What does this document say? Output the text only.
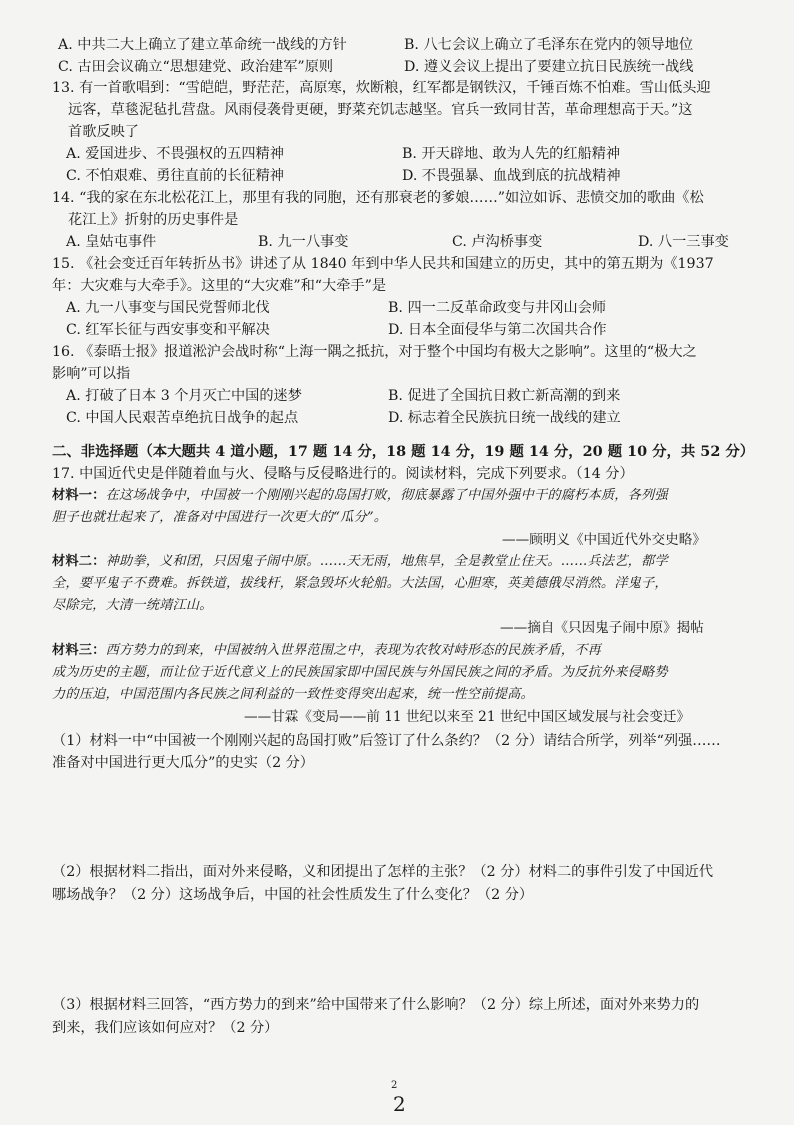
A. 中共二大上确立了建立革命统一战线的方针	B. 八七会议上确立了毛泽东在党内的领导地位
C. 古田会议确立“思想建党、政治建军”原则	D. 遵义会议上提出了要建立抗日民族统一战线
13. 有一首歌唱到：“雪皑皑，野茫茫，高原寒，炊断粮，红军都是钢铁汉，千锤百炼不怕难。雪山低头迎
远客，草毯泥毡扎营盘。风雨侵袭骨更硬，野菜充饥志越坚。官兵一致同甘苦，革命理想高于天。”这
首歌反映了
A. 爱国进步、不畏强权的五四精神	B. 开天辟地、敢为人先的红船精神
C. 不怕艰难、勇往直前的长征精神	D. 不畏强暴、血战到底的抗战精神
14. “我的家在东北松花江上，那里有我的同胞，还有那衰老的爹娘……”如泣如诉、悲愤交加的歌曲《松
花江上》折射的历史事件是
A. 皇姑屯事件	B. 九一八事变	C. 卢沟桥事变	D. 八一三事变
15. 《社会变迁百年转折丛书》讲述了从 1840 年到中华人民共和国建立的历史，其中的第五期为《1937
年：大灾难与大牵手》。这里的“大灾难”和“大牵手”是
A. 九一八事变与国民党誓师北伐	B. 四一二反革命政变与井冈山会师
C. 红军长征与西安事变和平解决	D. 日本全面侵华与第二次国共合作
16. 《泰晤士报》报道淞沪会战时称“上海一隅之抵抗，对于整个中国均有极大之影响”。这里的“极大之
影响”可以指
A. 打破了日本 3 个月灭亡中国的迷梦	B. 促进了全国抗日救亡新高潮的到来
C. 中国人民艰苦卓绝抗日战争的起点	D. 标志着全民族抗日统一战线的建立
二、非选择题（本大题共 4 道小题，17 题 14 分，18 题 14 分，19 题 14 分，20 题 10 分，共 52 分）
17. 中国近代史是伴随着血与火、侵略与反侵略进行的。阅读材料，完成下列要求。（14 分）
材料一：在这场战争中，中国被一个刚刚兴起的岛国打败，彻底暴露了中国外强中干的腐朽本质，各列强
胆子也就壮起来了，准备对中国进行一次更大的“瓜分”。
——顾明义《中国近代外交史略》
材料二：神助拳，义和团，只因鬼子闹中原。……天无雨，地焦旱，全是教堂止住天。……兵法艺，都学
全，要平鬼子不费难。拆铁道，拔线杆，紧急毁坏火轮船。大法国，心胆寒，英美德俄尽消然。洋鬼子，
尽除完，大清一统靖江山。
——摘自《只因鬼子闹中原》揭帖
材料三：西方势力的到来，中国被纳入世界范围之中，表现为农牧对峙形态的民族矛盾，不再
成为历史的主题，而让位于近代意义上的民族国家即中国民族与外国民族之间的矛盾。为反抗外来侵略势
力的压迫，中国范围内各民族之间利益的一致性变得突出起来，统一性空前提高。
——甘霖《变局——前 11 世纪以来至 21 世纪中国区域发展与社会变迁》
（1）材料一中“中国被一个刚刚兴起的岛国打败”后签订了什么条约？（2 分）请结合所学，列举“列强……
准备对中国进行更大瓜分”的史实（2 分）
（2）根据材料二指出，面对外来侵略，义和团提出了怎样的主张？（2 分）材料二的事件引发了中国近代
哪场战争？（2 分）这场战争后，中国的社会性质发生了什么变化？（2 分）
（3）根据材料三回答，“西方势力的到来”给中国带来了什么影响？（2 分）综上所述，面对外来势力的
到来，我们应该如何应对？（2 分）
2
2
